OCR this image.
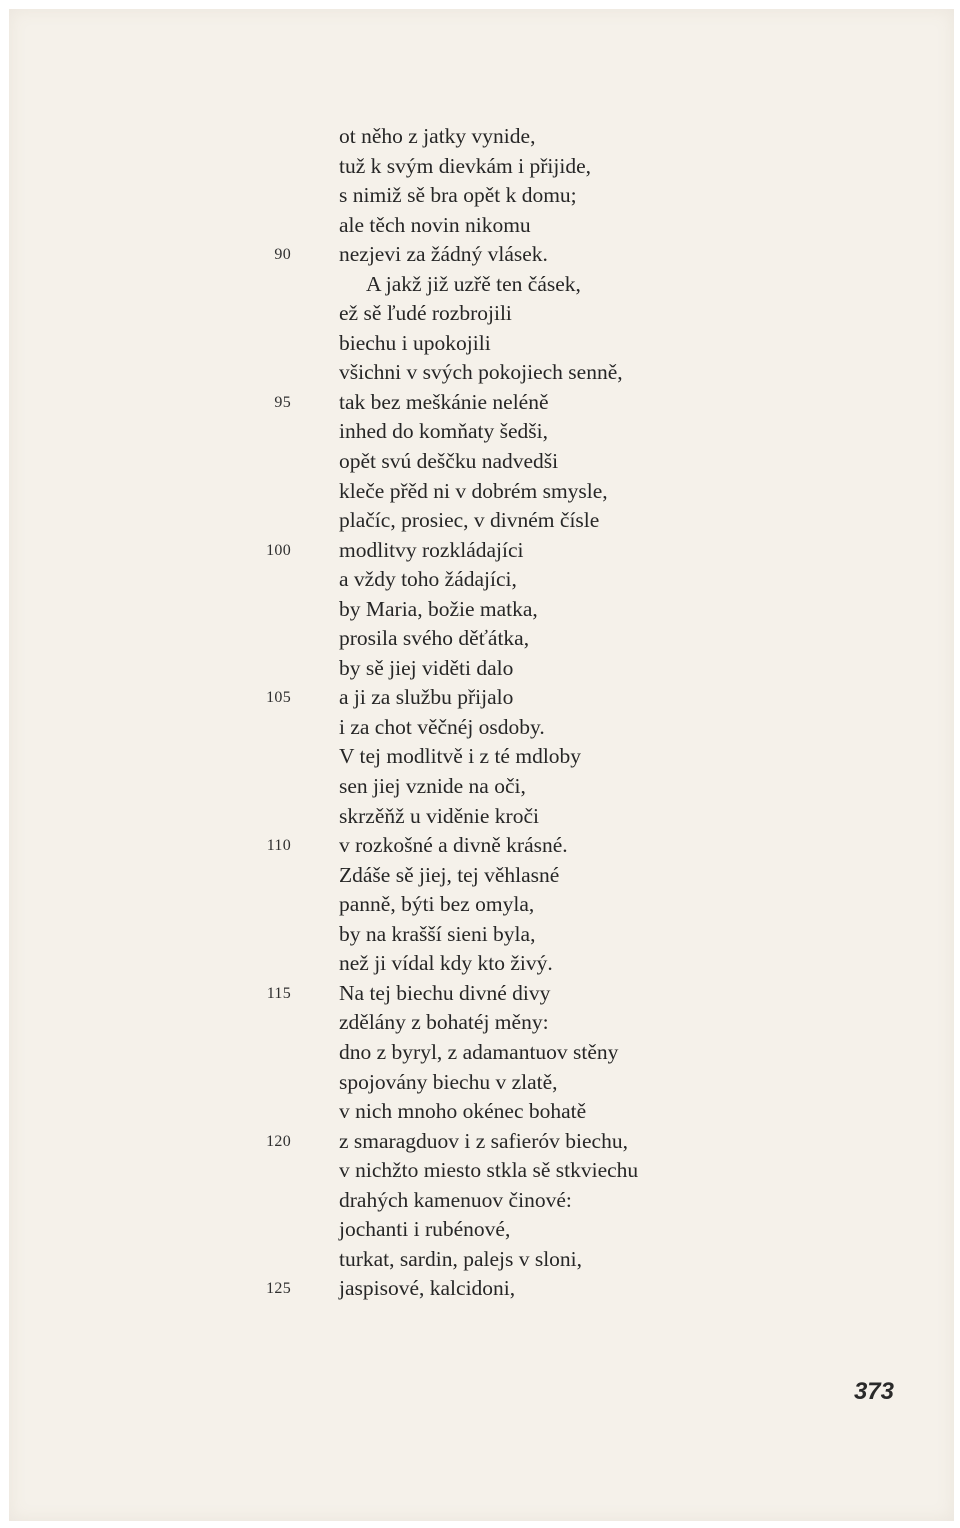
ot něho z jatky vynide,
tuž k svým dievkám i přijide,
s nimiž sě bra opět k domu;
ale těch novin nikomu
90 nezjevi za žádný vlásek.
A jakž již uzřě ten čásek,
ež sě ľudé rozbrojili
biechu i upokojili
všichni v svých pokojiech senně,
95 tak bez meškánie neléně
inhed do komňaty šedši,
opět svú deščku nadvedši
kleče přěd ni v dobrém smysle,
plačíc, prosiec, v divném čísle
100 modlitvy rozkládajíci
a vždy toho žádajíci,
by Maria, božie matka,
prosila svého děťátka,
by sě jiej viděti dalo
105 a ji za službu přijalo
i za chot věčnéj osdoby.
V tej modlitvě i z té mdloby
sen jiej vznide na oči,
skrzěňž u viděnie kroči
110 v rozkošné a divně krásné.
Zdáše sě jiej, tej věhlasné
panně, býti bez omyla,
by na krašší sieni byla,
než ji vídal kdy kto živý.
115 Na tej biechu divné divy
zdělány z bohatéj měny:
dno z byryl, z adamantuov stěny
spojovány biechu v zlatě,
v nich mnoho okénec bohatě
120 z smaragduov i z safieróv biechu,
v nichžto miesto stkla sě stkviechu
drahých kamenuov činové:
jochanti i rubénové,
turkat, sardin, palejs v sloni,
125 jaspisové, kalcidoni,
373
